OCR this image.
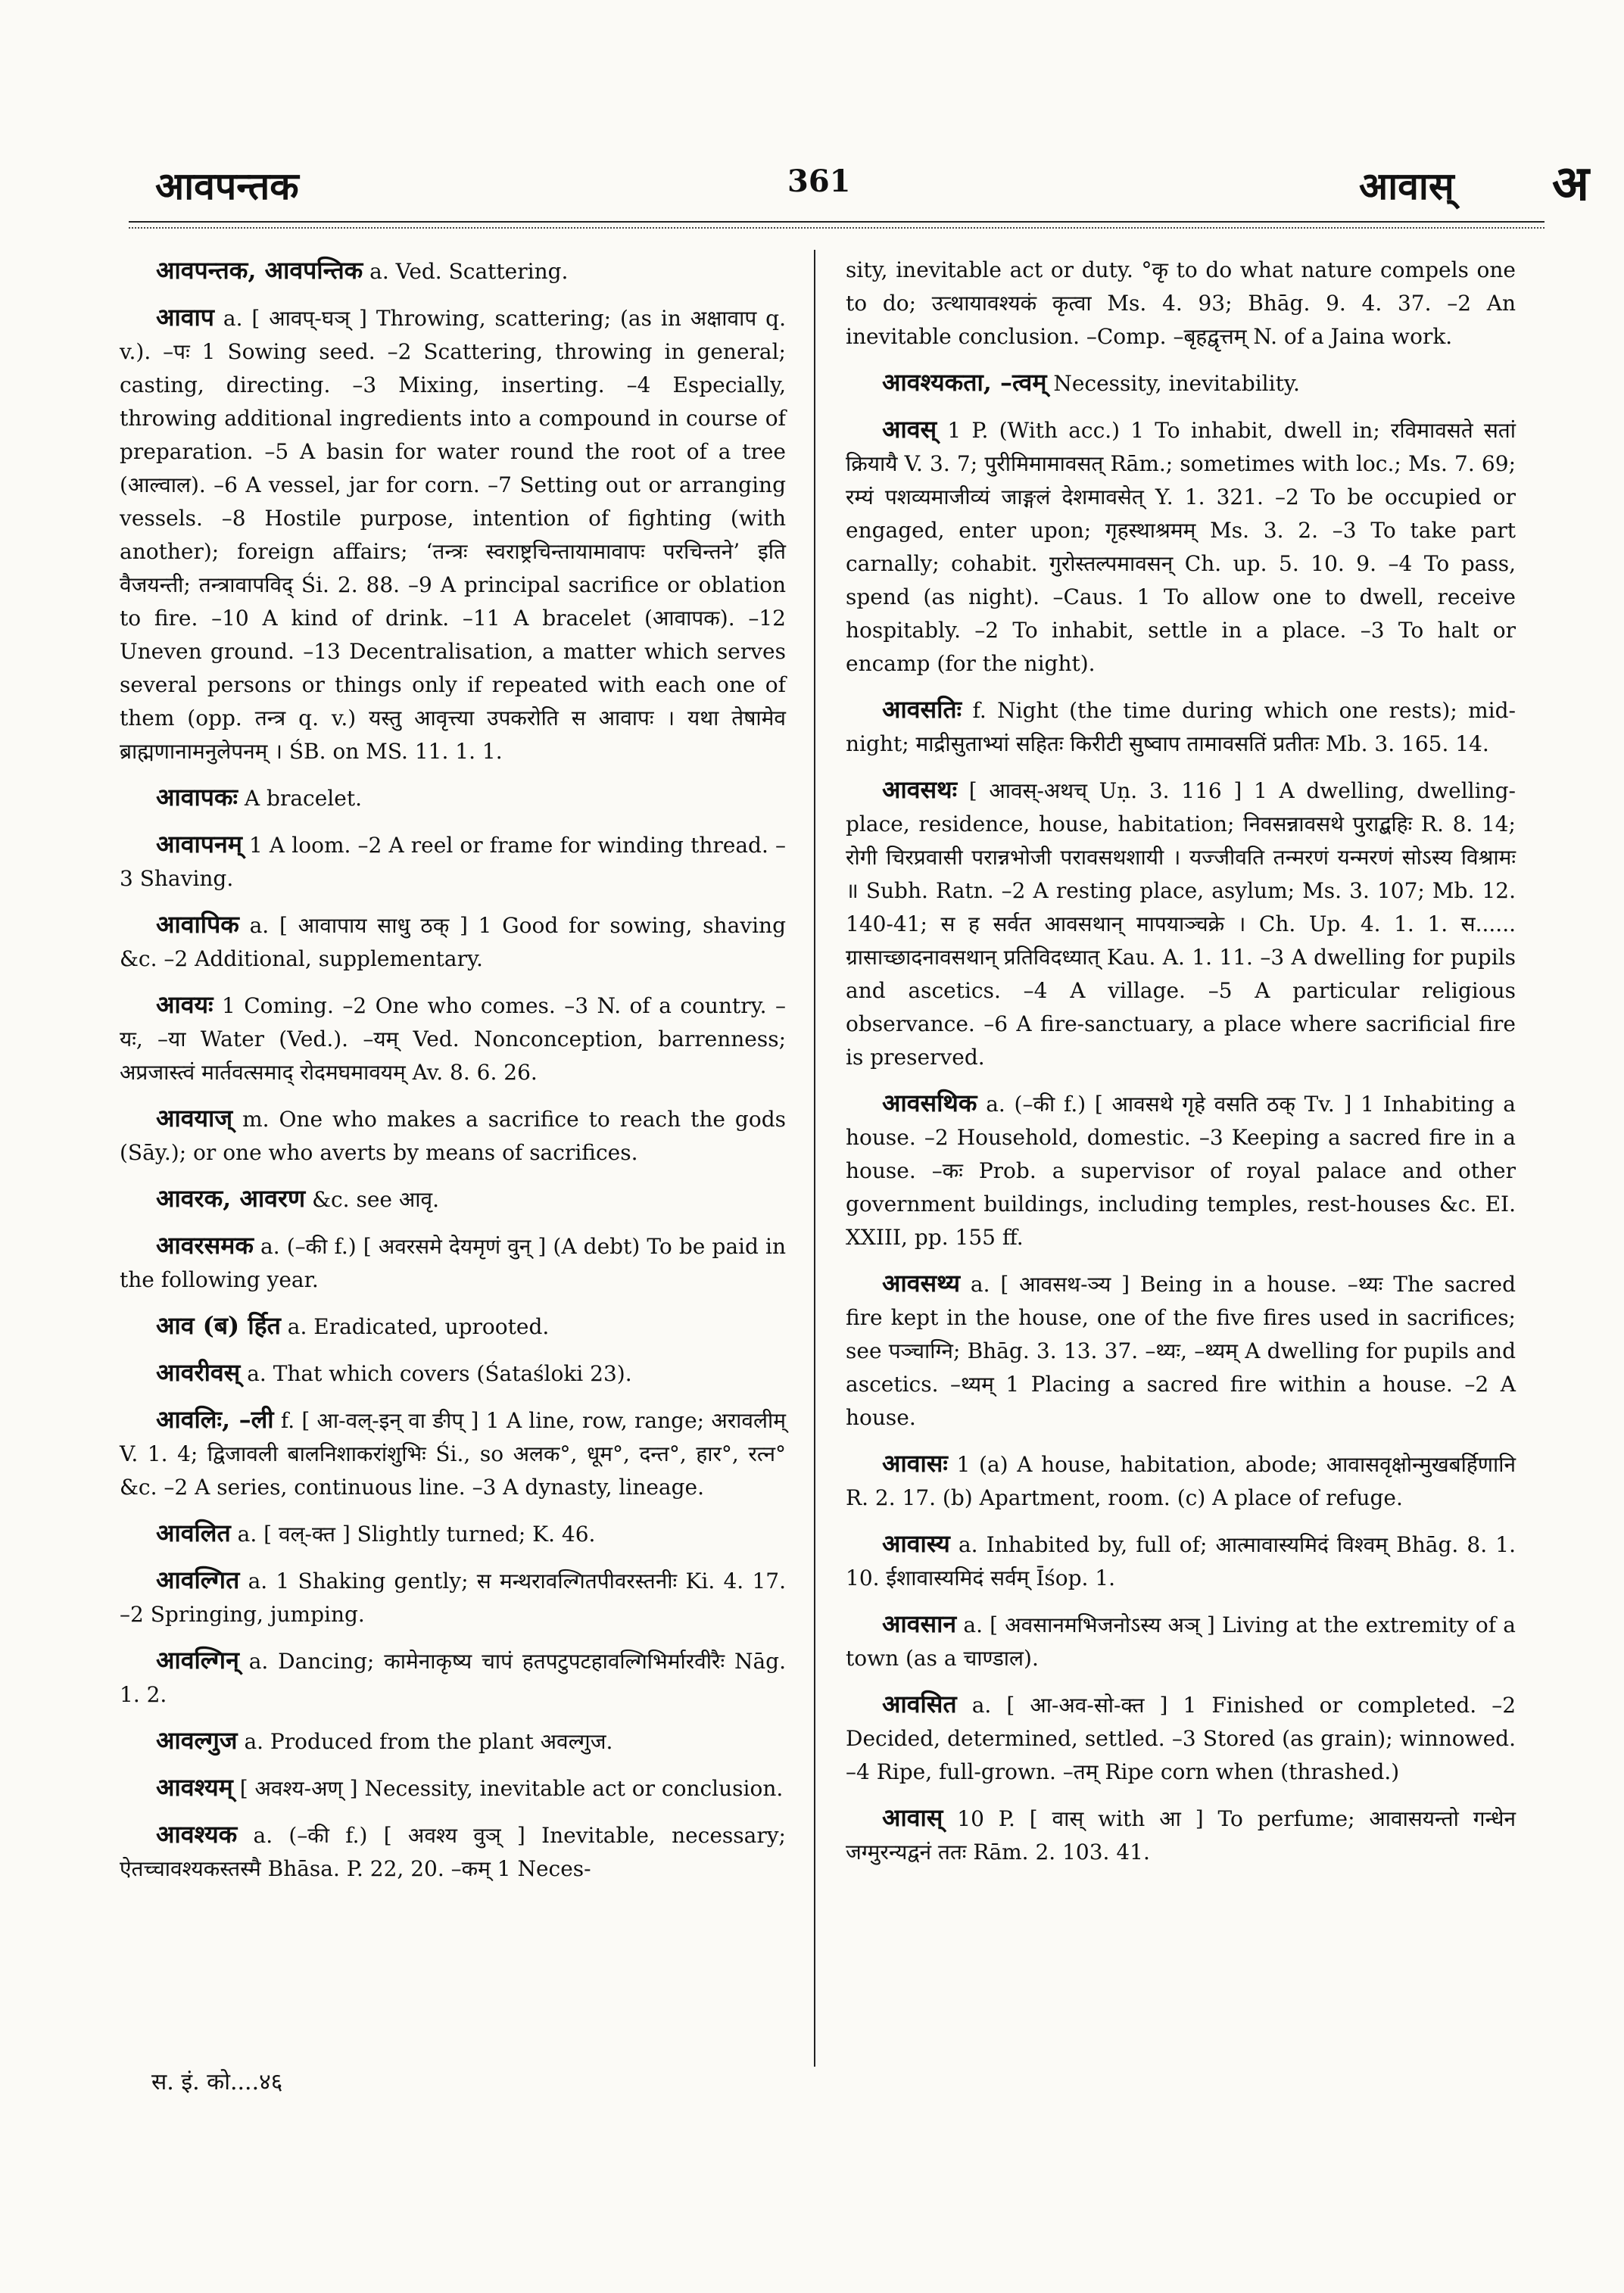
आवपन्तक	361	आवास् अ

आवपन्तक, आवपन्तिक a. Ved. Scattering.

आवाप a. [ आवप्-घञ् ] Throwing, scattering; (as in अक्षावाप q. v.). –पः 1 Sowing seed. –2 Scattering, throwing in general; casting, directing. –3 Mixing, inserting. –4 Especially, throwing additional ingredients into a compound in course of preparation. –5 A basin for water round the root of a tree (आल्वाल). –6 A vessel, jar for corn. –7 Setting out or arranging vessels. –8 Hostile purpose, intention of fighting (with another); foreign affairs; ‘तन्त्रः स्वराष्ट्रचिन्तायामावापः परचिन्तने’ इति वैजयन्ती; तन्त्रावापविद् Śi. 2. 88. –9 A principal sacrifice or oblation to fire. –10 A kind of drink. –11 A bracelet (आवापक). –12 Uneven ground. –13 Decentralisation, a matter which serves several persons or things only if repeated with each one of them (opp. तन्त्र q. v.) यस्तु आवृत्त्या उपकरोति स आवापः । यथा तेषामेव ब्राह्मणानामनुलेपनम् । ŚB. on MS. 11. 1. 1.

आवापकः A bracelet.

आवापनम् 1 A loom. –2 A reel or frame for winding thread. –3 Shaving.

आवापिक a. [ आवापाय साधु ठक् ] 1 Good for sowing, shaving &c. –2 Additional, supplementary.

आवयः 1 Coming. –2 One who comes. –3 N. of a country. –यः, –या Water (Ved.). –यम् Ved. Nonconception, barrenness; अप्रजास्त्वं मार्तवत्समाद् रोदमघमावयम् Av. 8. 6. 26.

आवयाज् m. One who makes a sacrifice to reach the gods (Sāy.); or one who averts by means of sacrifices.

आवरक, आवरण &c. see आवृ.

आवरसमक a. (–की f.) [ अवरसमे देयमृणं वुन् ] (A debt) To be paid in the following year.

आव (ब) र्हित a. Eradicated, uprooted.

आवरीवस् a. That which covers (Śataśloki 23).

आवलिः, –ली f. [ आ-वल्-इन् वा ङीप् ] 1 A line, row, range; अरावलीम् V. 1. 4; द्विजावली बालनिशाकरांशुभिः Śi., so अलक°, धूम°, दन्त°, हार°, रत्न° &c. –2 A series, continuous line. –3 A dynasty, lineage.

आवलित a. [ वल्-क्त ] Slightly turned; K. 46.

आवल्गित a. 1 Shaking gently; स मन्थरावल्गितपीवरस्तनीः Ki. 4. 17. –2 Springing, jumping.

आवल्गिन् a. Dancing; कामेनाकृष्य चापं हतपटुपटहावल्गिभिर्मारवीरैः Nāg. 1. 2.

आवल्गुज a. Produced from the plant अवल्गुज.

आवश्यम् [ अवश्य-अण् ] Necessity, inevitable act or conclusion.

आवश्यक a. (–की f.) [ अवश्य वुञ् ] Inevitable, necessary; ऐतच्चावश्यकस्तस्मै Bhāsa. P. 22, 20. –कम् 1 Neces-

sity, inevitable act or duty. °कृ to do what nature compels one to do; उत्थायावश्यकं कृत्वा Ms. 4. 93; Bhāg. 9. 4. 37. –2 An inevitable conclusion. –Comp. –बृहद्वृत्तम् N. of a Jaina work.

आवश्यकता, –त्वम् Necessity, inevitability.

आवस् 1 P. (With acc.) 1 To inhabit, dwell in; रविमावसते सतां क्रियायै V. 3. 7; पुरीमिमामावसत् Rām.; sometimes with loc.; Ms. 7. 69; रम्यं पशव्यमाजीव्यं जाङ्गलं देशमावसेत् Y. 1. 321. –2 To be occupied or engaged, enter upon; गृहस्थाश्रमम् Ms. 3. 2. –3 To take part carnally; cohabit. गुरोस्तल्पमावसन् Ch. up. 5. 10. 9. –4 To pass, spend (as night). –Caus. 1 To allow one to dwell, receive hospitably. –2 To inhabit, settle in a place. –3 To halt or encamp (for the night).

आवसतिः f. Night (the time during which one rests); mid-night; माद्रीसुताभ्यां सहितः किरीटी सुष्वाप तामावसतिं प्रतीतः Mb. 3. 165. 14.

आवसथः [ आवस्-अथच् Uṇ. 3. 116 ] 1 A dwelling, dwelling-place, residence, house, habitation; निवसन्नावसथे पुराद्बहिः R. 8. 14; रोगी चिरप्रवासी परान्नभोजी परावसथशायी । यज्जीवति तन्मरणं यन्मरणं सोऽस्य विश्रामः ॥ Subh. Ratn. –2 A resting place, asylum; Ms. 3. 107; Mb. 12. 140-41; स ह सर्वत आवसथान् मापयाञ्चक्रे । Ch. Up. 4. 1. 1. स...... ग्रासाच्छादनावसथान् प्रतिविदध्यात् Kau. A. 1. 11. –3 A dwelling for pupils and ascetics. –4 A village. –5 A particular religious observance. –6 A fire-sanctuary, a place where sacrificial fire is preserved.

आवसथिक a. (–की f.) [ आवसथे गृहे वसति ठक् Tv. ] 1 Inhabiting a house. –2 Household, domestic. –3 Keeping a sacred fire in a house. –कः Prob. a supervisor of royal palace and other government buildings, including temples, rest-houses &c. EI. XXIII, pp. 155 ff.

आवसथ्य a. [ आवसथ-ञ्य ] Being in a house. –थ्यः The sacred fire kept in the house, one of the five fires used in sacrifices; see पञ्चाग्नि; Bhāg. 3. 13. 37. –थ्यः, –थ्यम् A dwelling for pupils and ascetics. –थ्यम् 1 Placing a sacred fire within a house. –2 A house.

आवासः 1 (a) A house, habitation, abode; आवासवृक्षोन्मुखबर्हिणानि R. 2. 17. (b) Apartment, room. (c) A place of refuge.

आवास्य a. Inhabited by, full of; आत्मावास्यमिदं विश्वम् Bhāg. 8. 1. 10. ईशावास्यमिदं सर्वम् Īśop. 1.

आवसान a. [ अवसानमभिजनोऽस्य अञ् ] Living at the extremity of a town (as a चाण्डाल).

आवसित a. [ आ-अव-सो-क्त ] 1 Finished or completed. –2 Decided, determined, settled. –3 Stored (as grain); winnowed. –4 Ripe, full-grown. –तम् Ripe corn when (thrashed.)

आवास् 10 P. [ वास् with आ ] To perfume; आवासयन्तो गन्धेन जग्मुरन्यद्वनं ततः Rām. 2. 103. 41.

स. इं. को....४६
